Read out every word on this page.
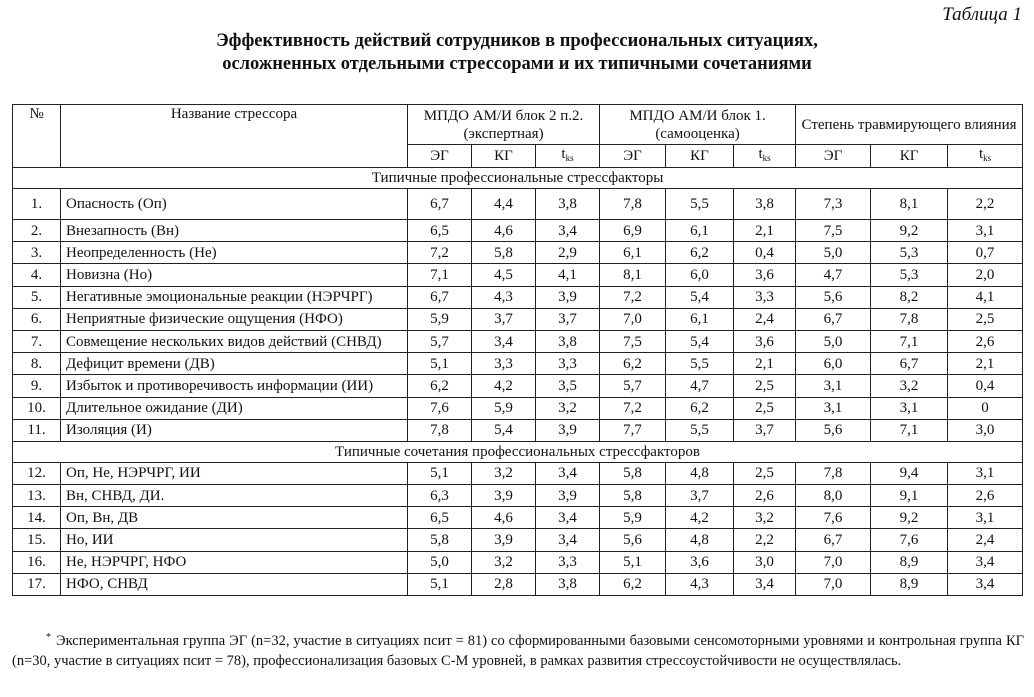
Таблица 1
Эффективность действий сотрудников в профессиональных ситуациях,
осложненных отдельными стрессорами и их типичными сочетаниями
№	Название стрессора	МПДО АМ/И блок 2 п.2. (экспертная)			МПДО АМ/И блок 1. (самооценка)			Степень травмирующего влияния		
		ЭГ	КГ	$t_{ks}$	ЭГ	КГ	$t_{ks}$	ЭГ	КГ	$t_{ks}$
Типичные профессиональные стрессфакторы										
1.	Опасность (Оп)	6,7	4,4	3,8	7,8	5,5	3,8	7,3	8,1	2,2
2.	Внезапность (Вн)	6,5	4,6	3,4	6,9	6,1	2,1	7,5	9,2	3,1
3.	Неопределенность (Не)	7,2	5,8	2,9	6,1	6,2	0,4	5,0	5,3	0,7
4.	Новизна (Но)	7,1	4,5	4,1	8,1	6,0	3,6	4,7	5,3	2,0
5.	Негативные эмоциональные реакции (НЭРЧРГ)	6,7	4,3	3,9	7,2	5,4	3,3	5,6	8,2	4,1
6.	Неприятные физические ощущения (НФО)	5,9	3,7	3,7	7,0	6,1	2,4	6,7	7,8	2,5
7.	Совмещение нескольких видов действий (СНВД)	5,7	3,4	3,8	7,5	5,4	3,6	5,0	7,1	2,6
8.	Дефицит времени (ДВ)	5,1	3,3	3,3	6,2	5,5	2,1	6,0	6,7	2,1
9.	Избыток и противоречивость информации (ИИ)	6,2	4,2	3,5	5,7	4,7	2,5	3,1	3,2	0,4
10.	Длительное ожидание (ДИ)	7,6	5,9	3,2	7,2	6,2	2,5	3,1	3,1	0
11.	Изоляция (И)	7,8	5,4	3,9	7,7	5,5	3,7	5,6	7,1	3,0
Типичные сочетания профессиональных стрессфакторов										
12.	Оп, Не, НЭРЧРГ, ИИ	5,1	3,2	3,4	5,8	4,8	2,5	7,8	9,4	3,1
13.	Вн, СНВД, ДИ.	6,3	3,9	3,9	5,8	3,7	2,6	8,0	9,1	2,6
14.	Оп, Вн, ДВ	6,5	4,6	3,4	5,9	4,2	3,2	7,6	9,2	3,1
15.	Но, ИИ	5,8	3,9	3,4	5,6	4,8	2,2	6,7	7,6	2,4
16.	Не, НЭРЧРГ, НФО	5,0	3,2	3,3	5,1	3,6	3,0	7,0	8,9	3,4
17.	НФО, СНВД	5,1	2,8	3,8	6,2	4,3	3,4	7,0	8,9	3,4
* Экспериментальная группа ЭГ (n=32, участие в ситуациях псит = 81) со сформированными базовыми сенсомоторными уровнями и контрольная группа КГ (n=30, участие в ситуациях псит = 78), профессионализация базовых С-М уровней, в рамках развития стрессоустойчивости не осуществлялась.
